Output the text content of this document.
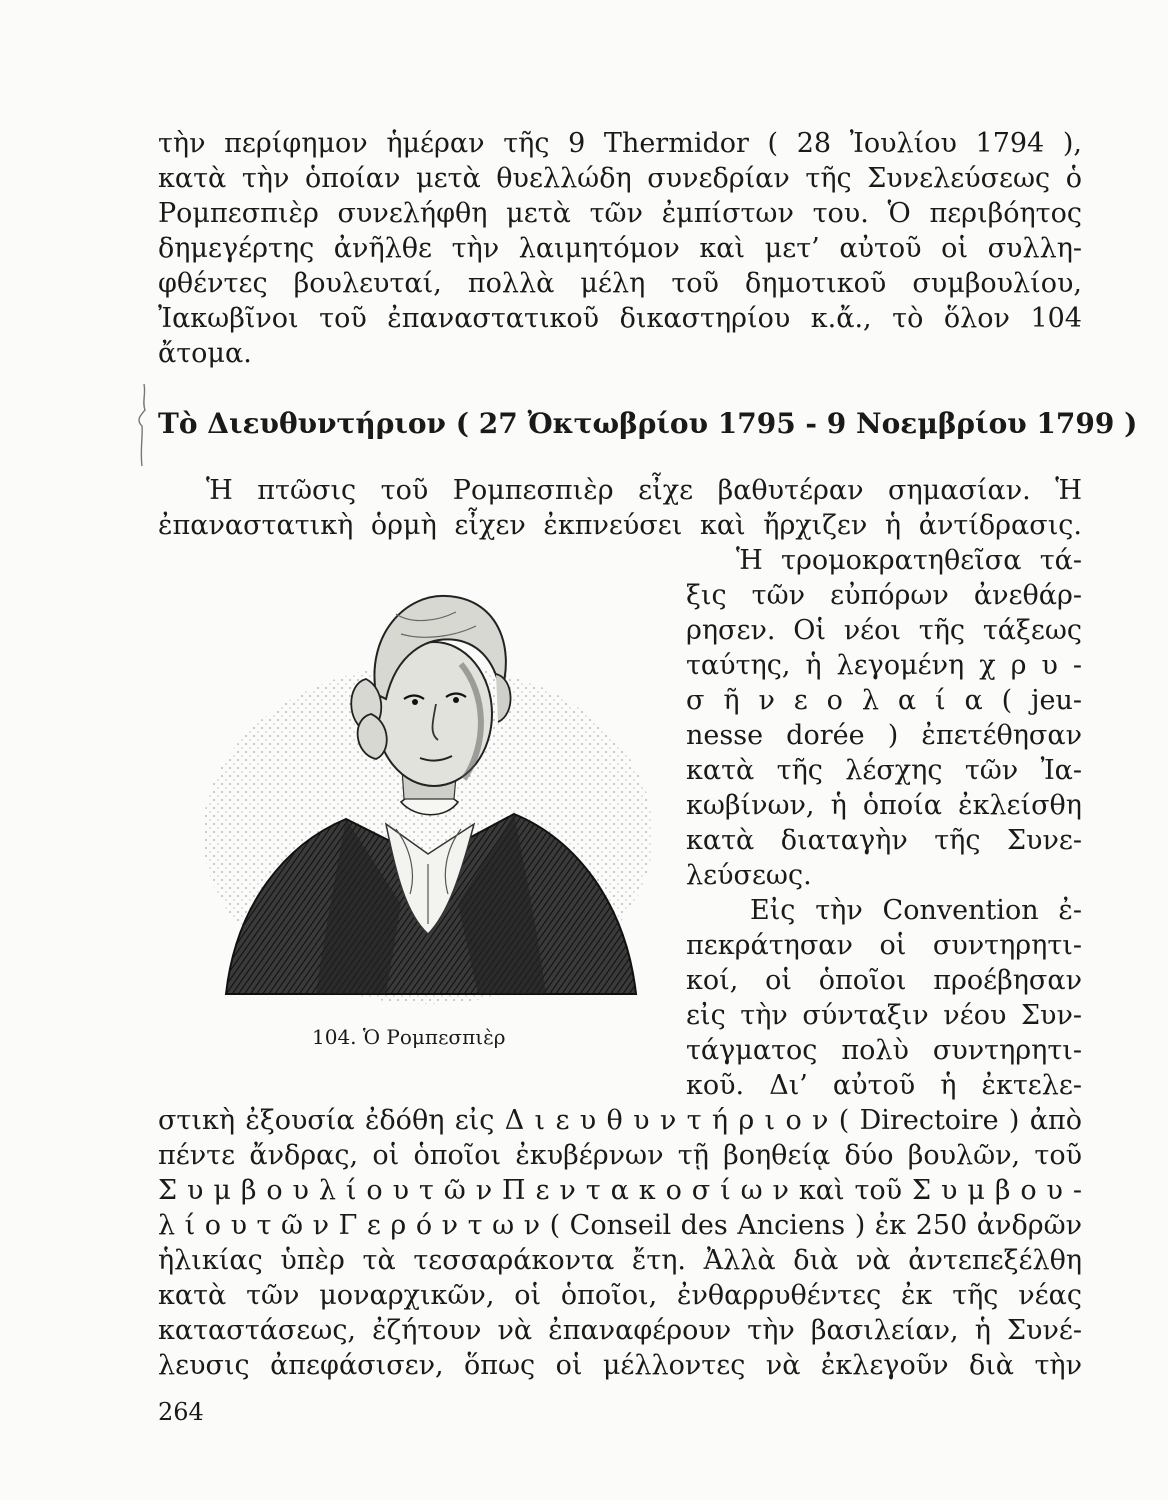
τὴν περίφημον ἡμέραν τῆς 9 Thermidor ( 28 Ἰουλίου 1794 ),

κατὰ τὴν ὁποίαν μετὰ θυελλώδη συνεδρίαν τῆς Συνελεύσεως ὁ

Ρομπεσπιὲρ συνελήφθη μετὰ τῶν ἐμπίστων του. Ὁ περιβόητος

δημεγέρτης ἀνῆλθε τὴν λαιμητόμον καὶ μετ’ αὐτοῦ οἱ συλλη-

φθέντες βουλευταί, πολλὰ μέλη τοῦ δημοτικοῦ συμβουλίου,

Ἰακωβῖνοι τοῦ ἐπαναστατικοῦ δικαστηρίου κ.ἄ., τὸ ὅλον 104

ἄτομα.

Τὸ Διευθυντήριον ( 27 Ὀκτωβρίου 1795 - 9 Νοεμβρίου 1799 )

Ἡ πτῶσις τοῦ Ρομπεσπιὲρ εἶχε βαθυτέραν σημασίαν. Ἡ

ἐπαναστατικὴ ὁρμὴ εἶχεν ἐκπνεύσει καὶ ἤρχιζεν ἡ ἀντίδρασις.

Ἡ τρομοκρατηθεῖσα τά-

ξις τῶν εὐπόρων ἀνεθάρ-

ρησεν. Οἱ νέοι τῆς τάξεως

ταύτης, ἡ λεγομένη χ ρ υ -

σ ῆ ν ε ο λ α ί α ( jeu-

nesse dorée ) ἐπετέθησαν

κατὰ τῆς λέσχης τῶν Ἰα-

κωβίνων, ἡ ὁποία ἐκλείσθη

κατὰ διαταγὴν τῆς Συνε-

λεύσεως.

Εἰς τὴν Convention ἐ-

πεκράτησαν οἱ συντηρητι-

κοί, οἱ ὁποῖοι προέβησαν

εἰς τὴν σύνταξιν νέου Συν-

τάγματος πολὺ συντηρητι-

κοῦ. Δι’ αὐτοῦ ἡ ἐκτελε-

στικὴ ἐξουσία ἐδόθη εἰς Δ ι ε υ θ υ ν τ ή ρ ι ο ν ( Directoire ) ἀπὸ

πέντε ἄνδρας, οἱ ὁποῖοι ἐκυβέρνων τῇ βοηθείᾳ δύο βουλῶν, τοῦ

Σ υ μ β ο υ λ ί ο υ τ ῶ ν Π ε ν τ α κ ο σ ί ω ν καὶ τοῦ Σ υ μ β ο υ -

λ ί ο υ τ ῶ ν Γ ε ρ ό ν τ ω ν ( Conseil des Anciens ) ἐκ 250 ἀνδρῶν

ἡλικίας ὑπὲρ τὰ τεσσαράκοντα ἔτη. Ἀλλὰ διὰ νὰ ἀντεπεξέλθη

κατὰ τῶν μοναρχικῶν, οἱ ὁποῖοι, ἐνθαρρυθέντες ἐκ τῆς νέας

καταστάσεως, ἐζήτουν νὰ ἐπαναφέρουν τὴν βασιλείαν, ἡ Συνέ-

λευσις ἀπεφάσισεν, ὅπως οἱ μέλλοντες νὰ ἐκλεγοῦν διὰ τὴν

104. Ὁ Ρομπεσπιὲρ

264
